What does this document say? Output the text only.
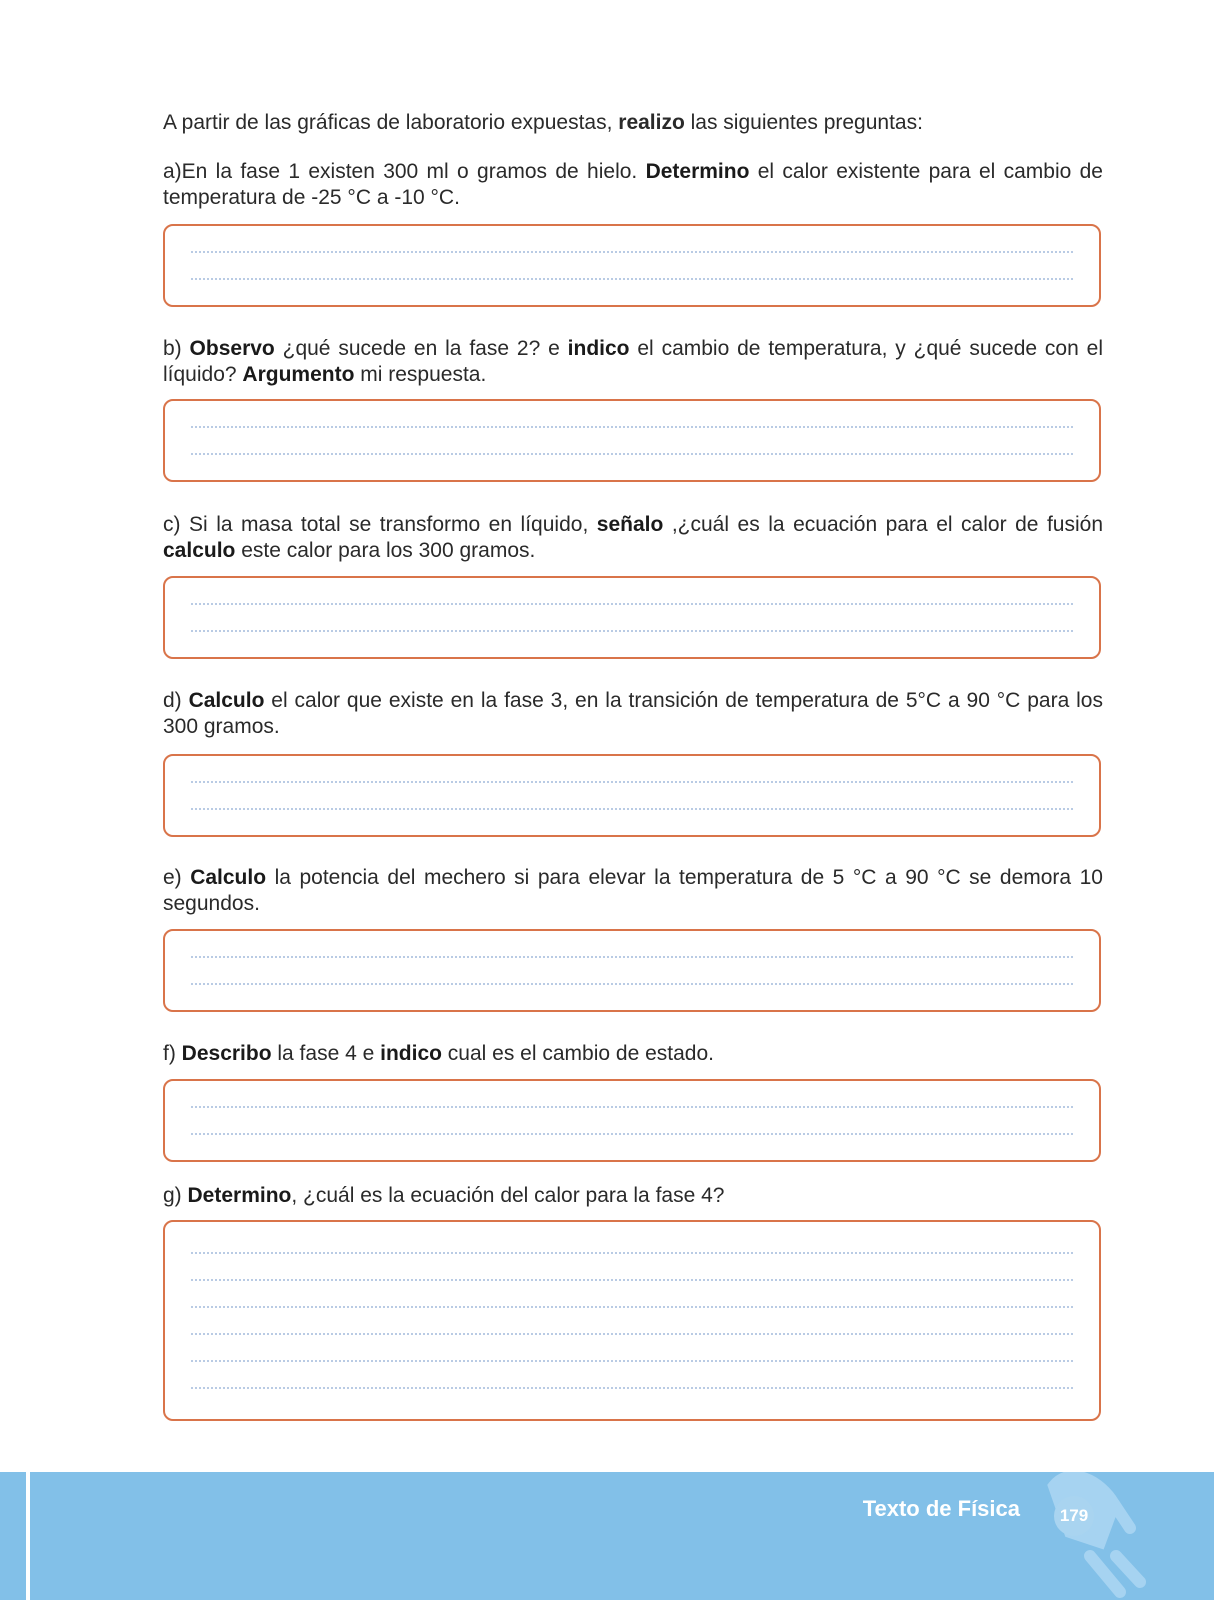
A partir de las gráficas de laboratorio expuestas, realizo las siguientes preguntas:

a)En la fase 1 existen 300 ml o gramos de hielo. Determino el calor existente para el cambio de temperatura de -25 °C a -10 °C.

b) Observo ¿qué sucede en la fase 2? e indico el cambio de temperatura, y ¿qué sucede con el líquido? Argumento mi respuesta.

c) Si la masa total se transformo en líquido, señalo ,¿cuál es la ecuación para el calor de fusión calculo este calor para los 300 gramos.

d) Calculo el calor que existe en la fase 3, en la transición de temperatura de 5°C a 90 °C para los 300 gramos.

e) Calculo la potencia del mechero si para elevar la temperatura de 5 °C a 90 °C se demora 10 segundos.

f) Describo la fase 4 e indico cual es el cambio de estado.

g) Determino, ¿cuál es la ecuación del calor para la fase 4?

Texto de Física	179
